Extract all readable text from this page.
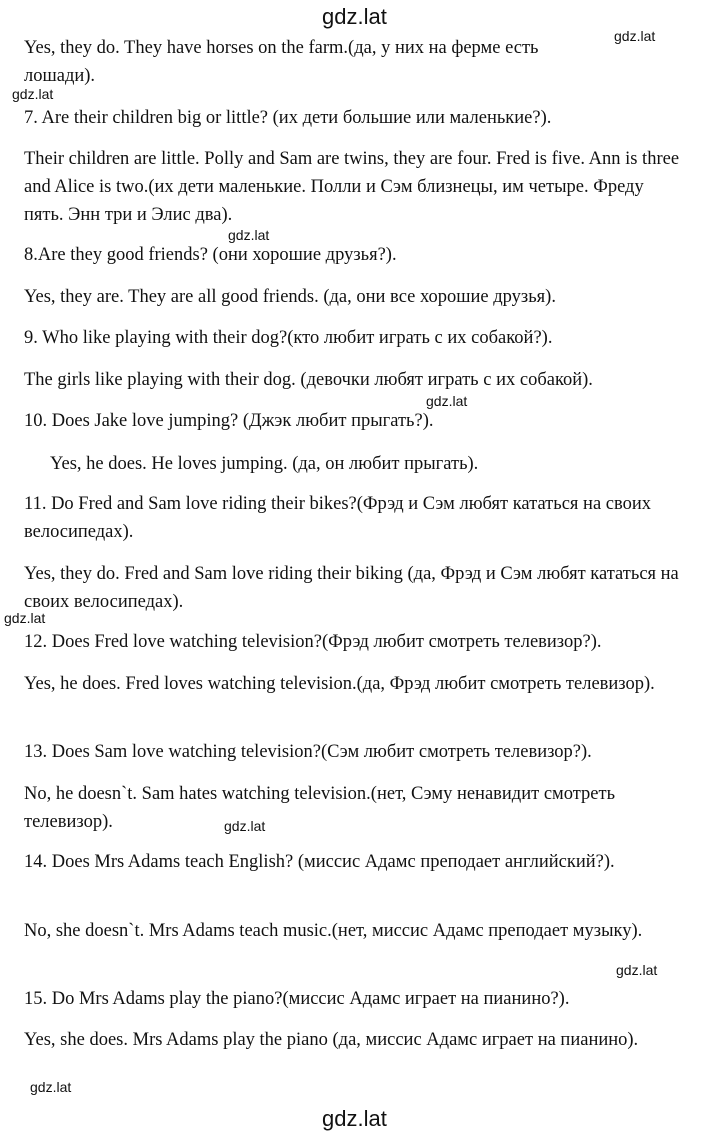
gdz.lat
gdz.lat
gdz.lat
gdz.lat
gdz.lat
gdz.lat
gdz.lat
gdz.lat
gdz.lat
gdz.lat

Yes, they do. They have horses on the farm.(да, у них на ферме есть лошади).

7. Are their children big or little? (их дети большие или маленькие?).

Their children are little. Polly and Sam are twins, they are four. Fred is five. Ann is three and Alice is two.(их дети маленькие. Полли и Сэм близнецы, им четыре. Фреду пять. Энн три и Элис два).

8.Are they good friends? (они хорошие друзья?).

Yes, they are. They are all good friends. (да, они все хорошие друзья).

9. Who like playing with their dog?(кто любит играть с их собакой?).

The girls like playing with their dog. (девочки любят играть с их собакой).

10. Does Jake love jumping? (Джэк любит прыгать?).

Yes, he does. He loves jumping. (да, он любит прыгать).

11. Do Fred and Sam love riding their bikes?(Фрэд и Сэм любят кататься на своих велосипедах).

Yes, they do. Fred and Sam love riding their biking (да, Фрэд и Сэм любят кататься на своих велосипедах).

12. Does Fred love watching television?(Фрэд любит смотреть телевизор?).

Yes, he does. Fred loves watching television.(да, Фрэд любит смотреть телевизор).

13. Does Sam love watching television?(Сэм любит смотреть телевизор?).

No, he doesn`t. Sam hates watching television.(нет, Сэму ненавидит смотреть телевизор).

14. Does Mrs Adams teach English? (миссис Адамс преподает английский?).

No, she doesn`t. Mrs Adams teach music.(нет, миссис Адамс преподает музыку).

15. Do Mrs Adams play the piano?(миссис Адамс играет на пианино?).

Yes, she does. Mrs Adams play the piano (да, миссис Адамс играет на пианино).
